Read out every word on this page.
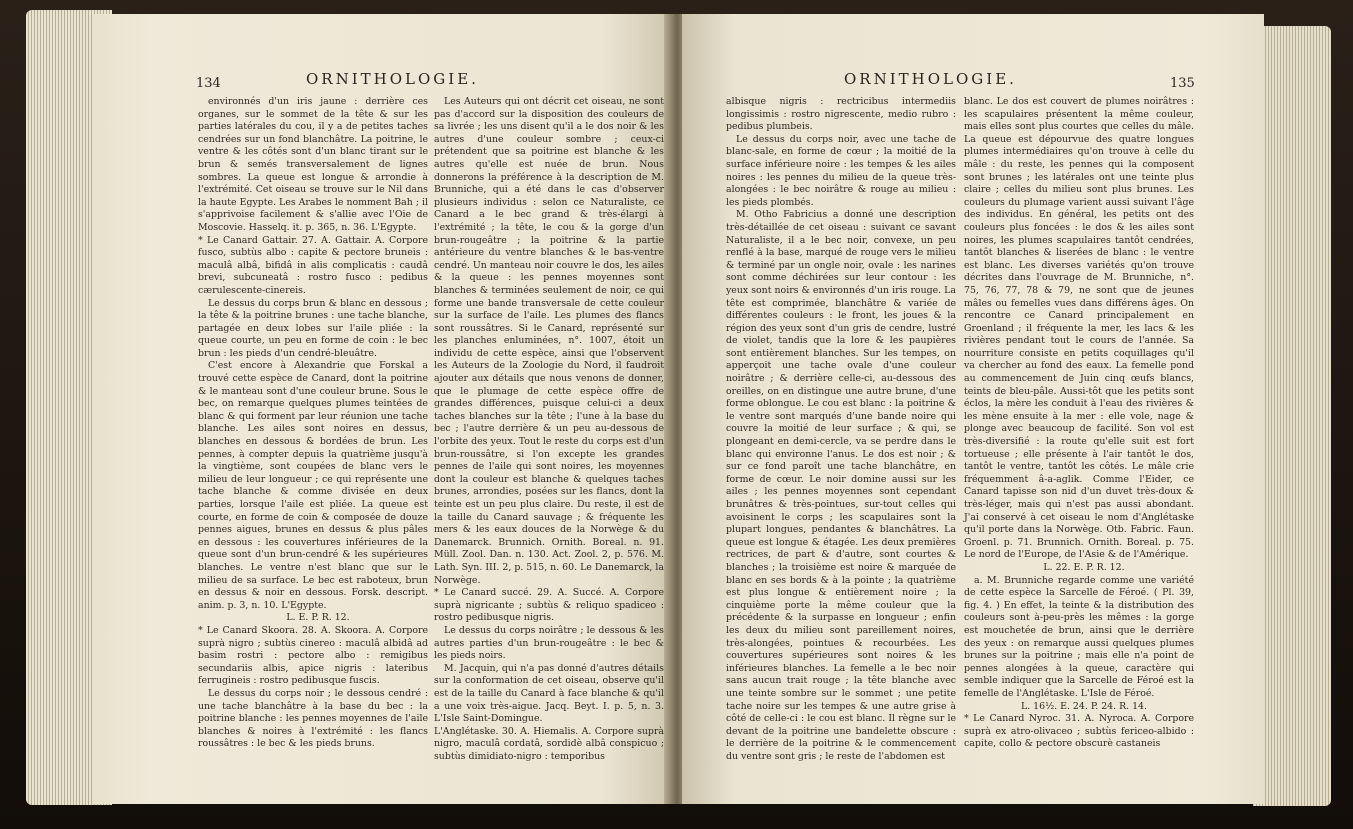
134	ORNITHOLOGIE.

environnés d'un iris jaune : derrière ces organes, sur le sommet de la tête & sur les parties latérales du cou, il y a de petites taches cendrées sur un fond blanchâtre. La poitrine, le ventre & les côtés sont d'un blanc tirant sur le brun & semés transversalement de lignes sombres. La queue est longue & arrondie à l'extrémité. Cet oiseau se trouve sur le Nil dans la haute Egypte. Les Arabes le nomment Bah ; il s'apprivoise facilement & s'allie avec l'Oie de Moscovie. Hasselq. it. p. 365, n. 36. L'Egypte.

* Le Canard Gattair. 27. A. Gattair. A. Corpore fusco, subtùs albo : capite & pectore bruneis : maculâ albâ, bifidâ in alis complicatis : caudâ brevi, subcuneatâ : rostro fusco : pedibus cærulescente-cinereis.

Le dessus du corps brun & blanc en dessous ; la tête & la poitrine brunes : une tache blanche, partagée en deux lobes sur l'aile pliée : la queue courte, un peu en forme de coin : le bec brun : les pieds d'un cendré-bleuâtre.

C'est encore à Alexandrie que Forskal a trouvé cette espèce de Canard, dont la poitrine & le manteau sont d'une couleur brune. Sous le bec, on remarque quelques plumes teintées de blanc & qui forment par leur réunion une tache blanche. Les ailes sont noires en dessus, blanches en dessous & bordées de brun. Les pennes, à compter depuis la quatrième jusqu'à la vingtième, sont coupées de blanc vers le milieu de leur longueur ; ce qui représente une tache blanche & comme divisée en deux parties, lorsque l'aile est pliée. La queue est courte, en forme de coin & composée de douze pennes aigues, brunes en dessus & plus pâles en dessous : les couvertures inférieures de la queue sont d'un brun-cendré & les supérieures blanches. Le ventre n'est blanc que sur le milieu de sa surface. Le bec est raboteux, brun en dessus & noir en dessous. Forsk. descript. anim. p. 3, n. 10. L'Egypte.

L. E. P. R. 12.

* Le Canard Skoora. 28. A. Skoora. A. Corpore suprà nigro ; subtùs cinereo : maculâ albidâ ad basim rostri : pectore albo : remigibus secundariis albis, apice nigris : lateribus ferrugineis : rostro pedibusque fuscis.

Le dessus du corps noir ; le dessous cendré : une tache blanchâtre à la base du bec : la poitrine blanche : les pennes moyennes de l'aile blanches & noires à l'extrémité : les flancs roussâtres : le bec & les pieds bruns.

Les Auteurs qui ont décrit cet oiseau, ne sont pas d'accord sur la disposition des couleurs de sa livrée ; les uns disent qu'il a le dos noir & les autres d'une couleur sombre ; ceux-ci prétendent que sa poitrine est blanche & les autres qu'elle est nuée de brun. Nous donnerons la préférence à la description de M. Brunniche, qui a été dans le cas d'observer plusieurs individus : selon ce Naturaliste, ce Canard a le bec grand & très-élargi à l'extrémité ; la tête, le cou & la gorge d'un brun-rougeâtre ; la poitrine & la partie antérieure du ventre blanches & le bas-ventre cendré. Un manteau noir couvre le dos, les ailes & la queue : les pennes moyennes sont blanches & terminées seulement de noir, ce qui forme une bande transversale de cette couleur sur la surface de l'aile. Les plumes des flancs sont roussâtres. Si le Canard, représenté sur les planches enluminées, n°. 1007, étoit un individu de cette espèce, ainsi que l'observent les Auteurs de la Zoologie du Nord, il faudroit ajouter aux détails que nous venons de donner, que le plumage de cette espèce offre de grandes différences, puisque celui-ci a deux taches blanches sur la tête ; l'une à la base du bec ; l'autre derrière & un peu au-dessous de l'orbite des yeux. Tout le reste du corps est d'un brun-roussâtre, si l'on excepte les grandes pennes de l'aile qui sont noires, les moyennes dont la couleur est blanche & quelques taches brunes, arrondies, posées sur les flancs, dont la teinte est un peu plus claire. Du reste, il est de la taille du Canard sauvage ; & fréquente les mers & les eaux douces de la Norwège & du Danemarck. Brunnich. Ornith. Boreal. n. 91. Müll. Zool. Dan. n. 130. Act. Zool. 2, p. 576. M. Lath. Syn. III. 2, p. 515, n. 60. Le Danemarck, la Norwège.

* Le Canard succé. 29. A. Succé. A. Corpore suprà nigricante ; subtùs & reliquo spadiceo : rostro pedibusque nigris.

Le dessus du corps noirâtre ; le dessous & les autres parties d'un brun-rougeâtre : le bec & les pieds noirs.

M. Jacquin, qui n'a pas donné d'autres détails sur la conformation de cet oiseau, observe qu'il est de la taille du Canard à face blanche & qu'il a une voix très-aigue. Jacq. Beyt. I. p. 5, n. 3. L'Isle Saint-Domingue.

L'Anglétaske. 30. A. Hiemalis. A. Corpore suprà nigro, maculâ cordatâ, sordidè albâ conspicuo ; subtùs dimidiato-nigro : temporibus

ORNITHOLOGIE.	135

albisque nigris : rectricibus intermediis longissimis : rostro nigrescente, medio rubro : pedibus plumbeis.

Le dessus du corps noir, avec une tache de blanc-sale, en forme de cœur ; la moitié de la surface inférieure noire : les tempes & les ailes noires : les pennes du milieu de la queue très-alongées : le bec noirâtre & rouge au milieu : les pieds plombés.

M. Otho Fabricius a donné une description très-détaillée de cet oiseau : suivant ce savant Naturaliste, il a le bec noir, convexe, un peu renflé à la base, marqué de rouge vers le milieu & terminé par un ongle noir, ovale : les narines sont comme déchirées sur leur contour : les yeux sont noirs & environnés d'un iris rouge. La tête est comprimée, blanchâtre & variée de différentes couleurs : le front, les joues & la région des yeux sont d'un gris de cendre, lustré de violet, tandis que la lore & les paupières sont entièrement blanches. Sur les tempes, on apperçoit une tache ovale d'une couleur noirâtre ; & derrière celle-ci, au-dessous des oreilles, on en distingue une autre brune, d'une forme oblongue. Le cou est blanc : la poitrine & le ventre sont marqués d'une bande noire qui couvre la moitié de leur surface ; & qui, se plongeant en demi-cercle, va se perdre dans le blanc qui environne l'anus. Le dos est noir ; & sur ce fond paroît une tache blanchâtre, en forme de cœur. Le noir domine aussi sur les ailes ; les pennes moyennes sont cependant brunâtres & très-pointues, sur-tout celles qui avoisinent le corps ; les scapulaires sont la plupart longues, pendantes & blanchâtres. La queue est longue & étagée. Les deux premières rectrices, de part & d'autre, sont courtes & blanches ; la troisième est noire & marquée de blanc en ses bords & à la pointe ; la quatrième est plus longue & entièrement noire ; la cinquième porte la même couleur que la précédente & la surpasse en longueur ; enfin les deux du milieu sont pareillement noires, très-alongées, pointues & recourbées. Les couvertures supérieures sont noires & les inférieures blanches. La femelle a le bec noir sans aucun trait rouge ; la tête blanche avec une teinte sombre sur le sommet ; une petite tache noire sur les tempes & une autre grise à côté de celle-ci : le cou est blanc. Il règne sur le devant de la poitrine une bandelette obscure : le derrière de la poitrine & le commencement du ventre sont gris ; le reste de l'abdomen est

blanc. Le dos est couvert de plumes noirâtres : les scapulaires présentent la même couleur, mais elles sont plus courtes que celles du mâle. La queue est dépourvue des quatre longues plumes intermédiaires qu'on trouve à celle du mâle : du reste, les pennes qui la composent sont brunes ; les latérales ont une teinte plus claire ; celles du milieu sont plus brunes. Les couleurs du plumage varient aussi suivant l'âge des individus. En général, les petits ont des couleurs plus foncées : le dos & les ailes sont noires, les plumes scapulaires tantôt cendrées, tantôt blanches & liserées de blanc : le ventre est blanc. Les diverses variétés qu'on trouve décrites dans l'ouvrage de M. Brunniche, n°. 75, 76, 77, 78 & 79, ne sont que de jeunes mâles ou femelles vues dans différens âges. On rencontre ce Canard principalement en Groenland ; il fréquente la mer, les lacs & les rivières pendant tout le cours de l'année. Sa nourriture consiste en petits coquillages qu'il va chercher au fond des eaux. La femelle pond au commencement de Juin cinq œufs blancs, teints de bleu-pâle. Aussi-tôt que les petits sont éclos, la mère les conduit à l'eau des rivières & les mène ensuite à la mer : elle vole, nage & plonge avec beaucoup de facilité. Son vol est très-diversifié : la route qu'elle suit est fort tortueuse ; elle présente à l'air tantôt le dos, tantôt le ventre, tantôt les côtés. Le mâle crie fréquemment â-a-aglik. Comme l'Eider, ce Canard tapisse son nid d'un duvet très-doux & très-léger, mais qui n'est pas aussi abondant. J'ai conservé à cet oiseau le nom d'Anglétaske qu'il porte dans la Norwège. Otb. Fabric. Faun. Groenl. p. 71. Brunnich. Ornith. Boreal. p. 75. Le nord de l'Europe, de l'Asie & de l'Amérique.

L. 22. E. P. R. 12.

a. M. Brunniche regarde comme une variété de cette espèce la Sarcelle de Féroé. ( Pl. 39, fig. 4. ) En effet, la teinte & la distribution des couleurs sont à-peu-près les mêmes : la gorge est mouchetée de brun, ainsi que le derrière des yeux : on remarque aussi quelques plumes brunes sur la poitrine ; mais elle n'a point de pennes alongées à la queue, caractère qui semble indiquer que la Sarcelle de Féroé est la femelle de l'Anglétaske. L'Isle de Féroé.

L. 16½. E. 24. P. 24. R. 14.

* Le Canard Nyroc. 31. A. Nyroca. A. Corpore suprà ex atro-olivaceo ; subtùs fericeo-albido : capite, collo & pectore obscurè castaneis
